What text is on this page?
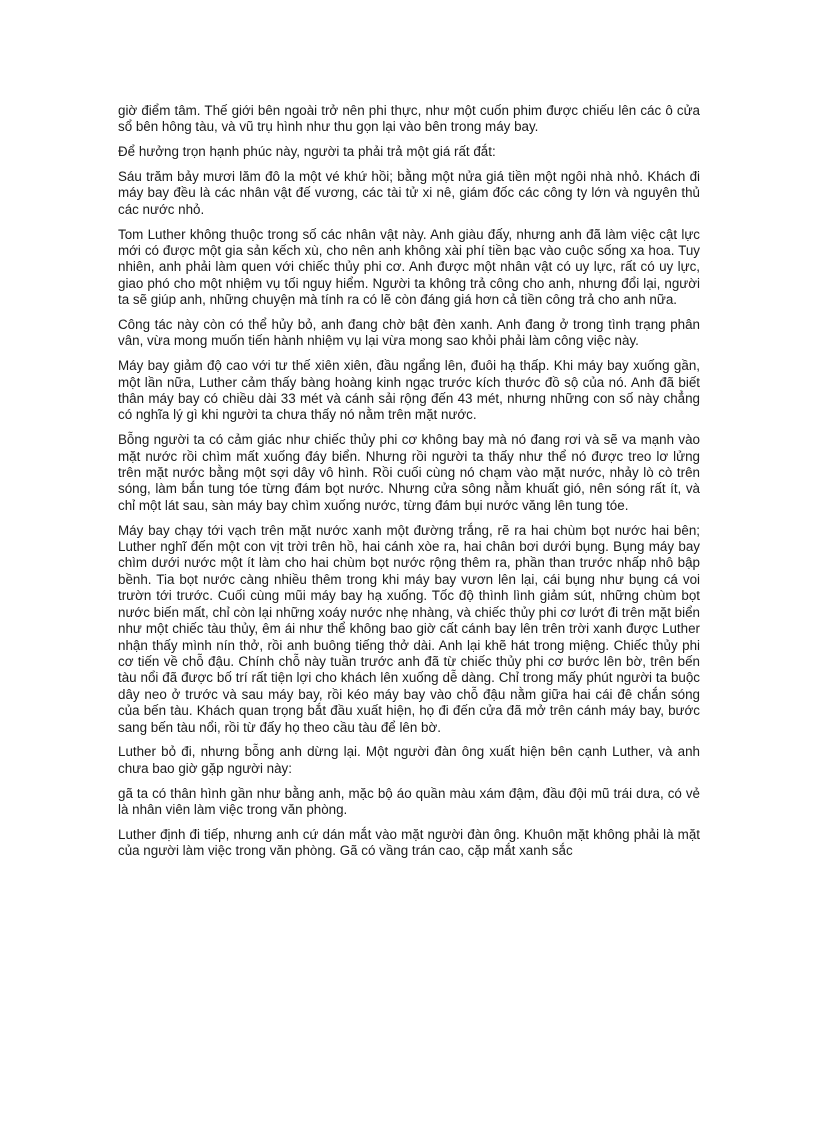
giờ điểm tâm. Thế giới bên ngoài trở nên phi thực, như một cuốn phim được chiếu lên các ô cửa sổ bên hông tàu, và vũ trụ hình như thu gọn lại vào bên trong máy bay.

Để hưởng trọn hạnh phúc này, người ta phải trả một giá rất đắt:

Sáu trăm bảy mươi lăm đô la một vé khứ hồi; bằng một nửa giá tiền một ngôi nhà nhỏ. Khách đi máy bay đều là các nhân vật đế vương, các tài tử xi nê, giám đốc các công ty lớn và nguyên thủ các nước nhỏ.

Tom Luther không thuộc trong số các nhân vật này. Anh giàu đấy, nhưng anh đã làm việc cật lực mới có được một gia sản kếch xù, cho nên anh không xài phí tiền bạc vào cuộc sống xa hoa. Tuy nhiên, anh phải làm quen với chiếc thủy phi cơ. Anh được một nhân vật có uy lực, rất có uy lực, giao phó cho một nhiệm vụ tối nguy hiểm. Người ta không trả công cho anh, nhưng đổi lại, người ta sẽ giúp anh, những chuyện mà tính ra có lẽ còn đáng giá hơn cả tiền công trả cho anh nữa.

Công tác này còn có thể hủy bỏ, anh đang chờ bật đèn xanh. Anh đang ở trong tình trạng phân vân, vừa mong muốn tiến hành nhiệm vụ lại vừa mong sao khỏi phải làm công việc này.

Máy bay giảm độ cao với tư thế xiên xiên, đầu ngẩng lên, đuôi hạ thấp. Khi máy bay xuống gần, một lần nữa, Luther cảm thấy bàng hoàng kinh ngạc trước kích thước đồ sộ của nó. Anh đã biết thân máy bay có chiều dài 33 mét và cánh sải rộng đến 43 mét, nhưng những con số này chẳng có nghĩa lý gì khi người ta chưa thấy nó nằm trên mặt nước.

Bỗng người ta có cảm giác như chiếc thủy phi cơ không bay mà nó đang rơi và sẽ va mạnh vào mặt nước rồi chìm mất xuống đáy biển. Nhưng rồi người ta thấy như thể nó được treo lơ lửng trên mặt nước bằng một sợi dây vô hình. Rồi cuối cùng nó chạm vào mặt nước, nhảy lò cò trên sóng, làm bắn tung tóe từng đám bọt nước. Nhưng cửa sông nằm khuất gió, nên sóng rất ít, và chỉ một lát sau, sàn máy bay chìm xuống nước, từng đám bụi nước văng lên tung tóe.

Máy bay chạy tới vạch trên mặt nước xanh một đường trắng, rẽ ra hai chùm bọt nước hai bên; Luther nghĩ đến một con vịt trời trên hồ, hai cánh xòe ra, hai chân bơi dưới bụng. Bụng máy bay chìm dưới nước một ít làm cho hai chùm bọt nước rộng thêm ra, phần than trước nhấp nhô bập bềnh. Tia bọt nước càng nhiều thêm trong khi máy bay vươn lên lại, cái bụng như bụng cá voi trườn tới trước. Cuối cùng mũi máy bay hạ xuống. Tốc độ thình lình giảm sút, những chùm bọt nước biến mất, chỉ còn lại những xoáy nước nhẹ nhàng, và chiếc thủy phi cơ lướt đi trên mặt biển như một chiếc tàu thủy, êm ái như thể không bao giờ cất cánh bay lên trên trời xanh được Luther nhận thấy mình nín thở, rồi anh buông tiếng thở dài. Anh lại khẽ hát trong miệng. Chiếc thủy phi cơ tiến về chỗ đậu. Chính chỗ này tuần trước anh đã từ chiếc thủy phi cơ bước lên bờ, trên bến tàu nổi đã được bố trí rất tiện lợi cho khách lên xuống dễ dàng. Chỉ trong mấy phút người ta buộc dây neo ở trước và sau máy bay, rồi kéo máy bay vào chỗ đậu nằm giữa hai cái đê chắn sóng của bến tàu. Khách quan trọng bắt đầu xuất hiện, họ đi đến cửa đã mở trên cánh máy bay, bước sang bến tàu nổi, rồi từ đấy họ theo cầu tàu để lên bờ.

Luther bỏ đi, nhưng bỗng anh dừng lại. Một người đàn ông xuất hiện bên cạnh Luther, và anh chưa bao giờ gặp người này:

gã ta có thân hình gần như bằng anh, mặc bộ áo quần màu xám đậm, đầu đội mũ trái dưa, có vẻ là nhân viên làm việc trong văn phòng.

Luther định đi tiếp, nhưng anh cứ dán mắt vào mặt người đàn ông. Khuôn mặt không phải là mặt của người làm việc trong văn phòng. Gã có vầng trán cao, cặp mắt xanh sắc
